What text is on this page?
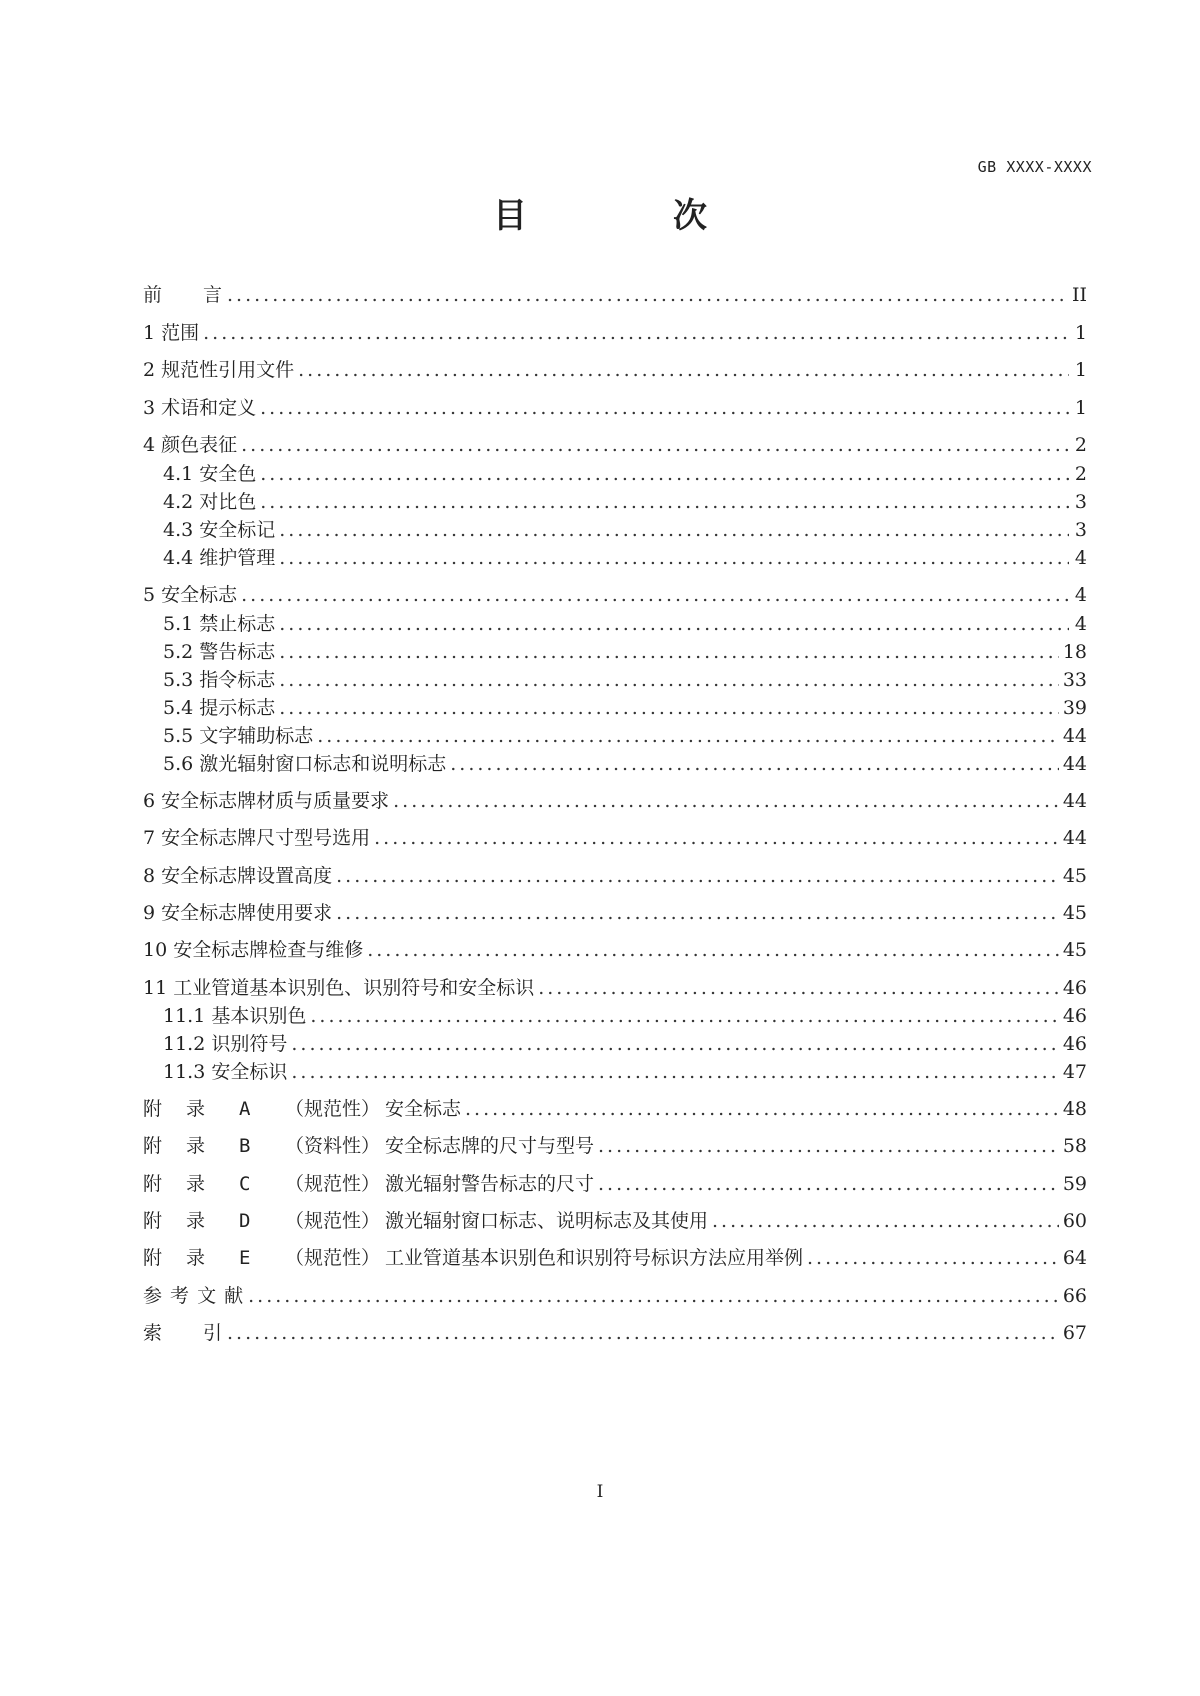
GB XXXX-XXXX
目　次
前　　言 .....	II
1 范围 .....	1
2 规范性引用文件 .....	1
3 术语和定义 .....	1
4 颜色表征 .....	2
4.1 安全色 .....	2
4.2 对比色 .....	3
4.3 安全标记 .....	3
4.4 维护管理 .....	4
5 安全标志 .....	4
5.1 禁止标志 .....	4
5.2 警告标志 .....	18
5.3 指令标志 .....	33
5.4 提示标志 .....	39
5.5 文字辅助标志 .....	44
5.6 激光辐射窗口标志和说明标志 .....	44
6 安全标志牌材质与质量要求 .....	44
7 安全标志牌尺寸型号选用 .....	44
8 安全标志牌设置高度 .....	45
9 安全标志牌使用要求 .....	45
10 安全标志牌检查与维修 .....	45
11 工业管道基本识别色、识别符号和安全标识 .....	46
11.1 基本识别色 .....	46
11.2 识别符号 .....	46
11.3 安全标识 .....	47
附录 A	（规范性） 安全标志 .....	48
附录 B	（资料性） 安全标志牌的尺寸与型号 .....	58
附录 C	（规范性） 激光辐射警告标志的尺寸 .....	59
附录 D	（规范性） 激光辐射窗口标志、说明标志及其使用 .....	60
附录 E	（规范性） 工业管道基本识别色和识别符号标识方法应用举例 .....	64
参 考 文 献 .....	66
索　　引 .....	67
I
